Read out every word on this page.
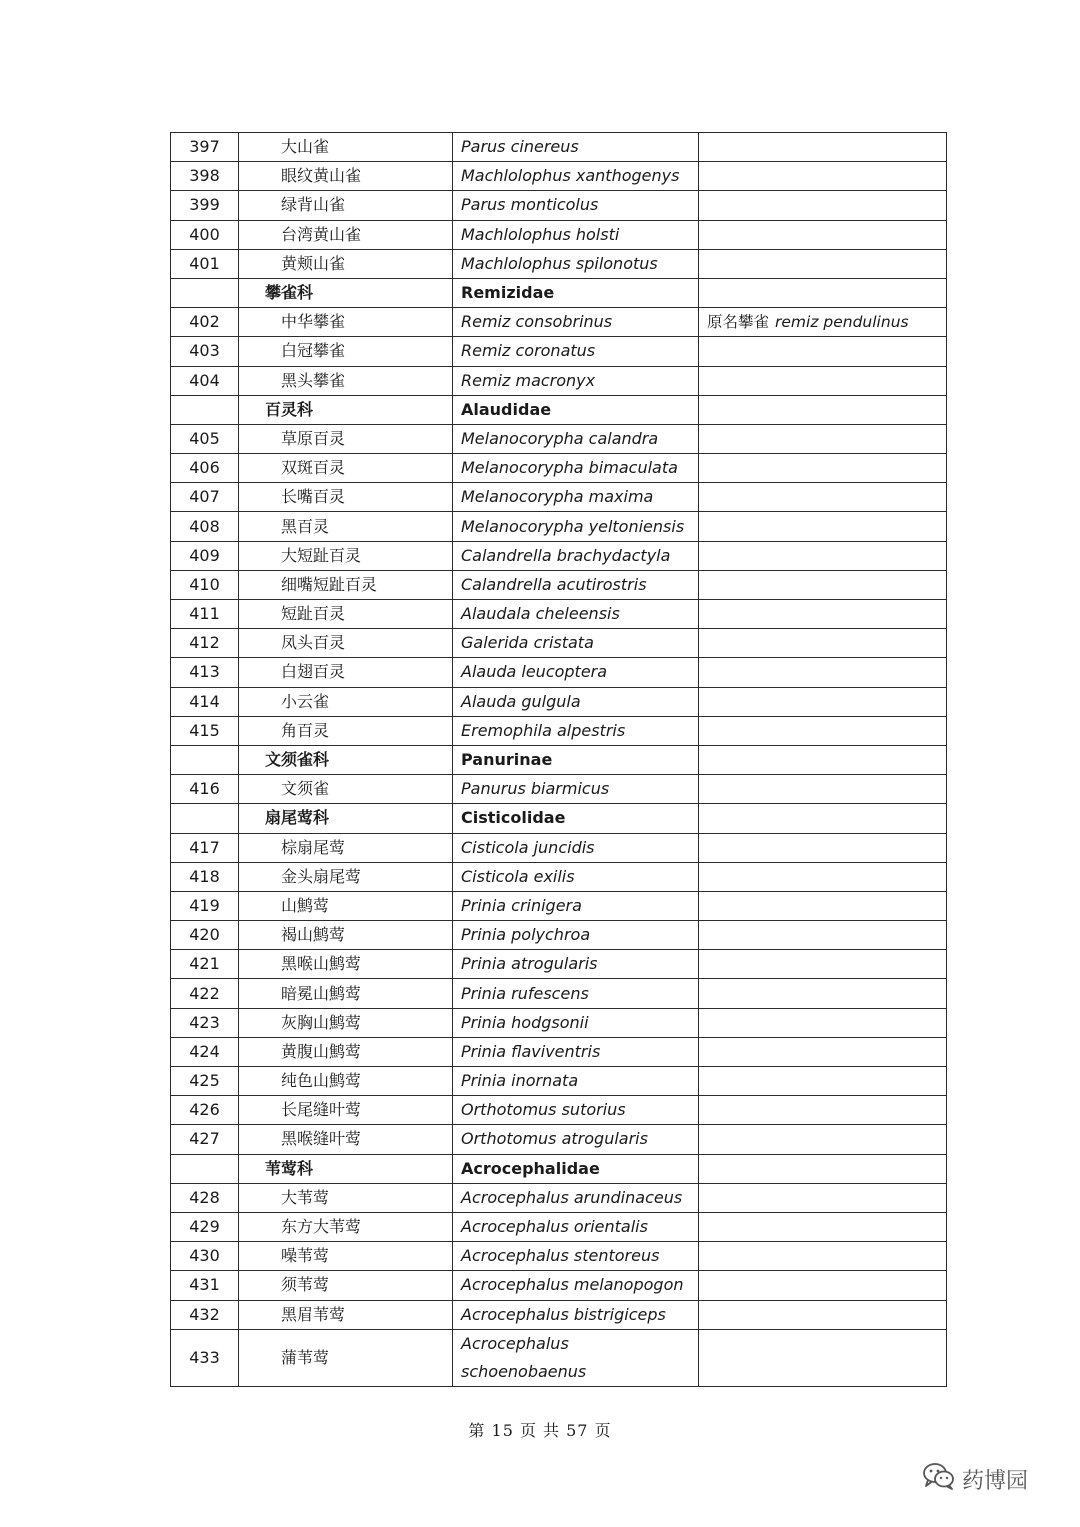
397	大山雀	Parus cinereus	
398	眼纹黄山雀	Machlolophus xanthogenys	
399	绿背山雀	Parus monticolus	
400	台湾黄山雀	Machlolophus holsti	
401	黄颊山雀	Machlolophus spilonotus	
	攀雀科	Remizidae	
402	中华攀雀	Remiz consobrinus	原名攀雀 remiz pendulinus
403	白冠攀雀	Remiz coronatus	
404	黑头攀雀	Remiz macronyx	
	百灵科	Alaudidae	
405	草原百灵	Melanocorypha calandra	
406	双斑百灵	Melanocorypha bimaculata	
407	长嘴百灵	Melanocorypha maxima	
408	黑百灵	Melanocorypha yeltoniensis	
409	大短趾百灵	Calandrella brachydactyla	
410	细嘴短趾百灵	Calandrella acutirostris	
411	短趾百灵	Alaudala cheleensis	
412	凤头百灵	Galerida cristata	
413	白翅百灵	Alauda leucoptera	
414	小云雀	Alauda gulgula	
415	角百灵	Eremophila alpestris	
	文须雀科	Panurinae	
416	文须雀	Panurus biarmicus	
	扇尾莺科	Cisticolidae	
417	棕扇尾莺	Cisticola juncidis	
418	金头扇尾莺	Cisticola exilis	
419	山鹪莺	Prinia crinigera	
420	褐山鹪莺	Prinia polychroa	
421	黑喉山鹪莺	Prinia atrogularis	
422	暗冕山鹪莺	Prinia rufescens	
423	灰胸山鹪莺	Prinia hodgsonii	
424	黄腹山鹪莺	Prinia flaviventris	
425	纯色山鹪莺	Prinia inornata	
426	长尾缝叶莺	Orthotomus sutorius	
427	黑喉缝叶莺	Orthotomus atrogularis	
	苇莺科	Acrocephalidae	
428	大苇莺	Acrocephalus arundinaceus	
429	东方大苇莺	Acrocephalus orientalis	
430	噪苇莺	Acrocephalus stentoreus	
431	须苇莺	Acrocephalus melanopogon	
432	黑眉苇莺	Acrocephalus bistrigiceps	
433	蒲苇莺	Acrocephalus schoenobaenus	
第 15 页 共 57 页
药博园
